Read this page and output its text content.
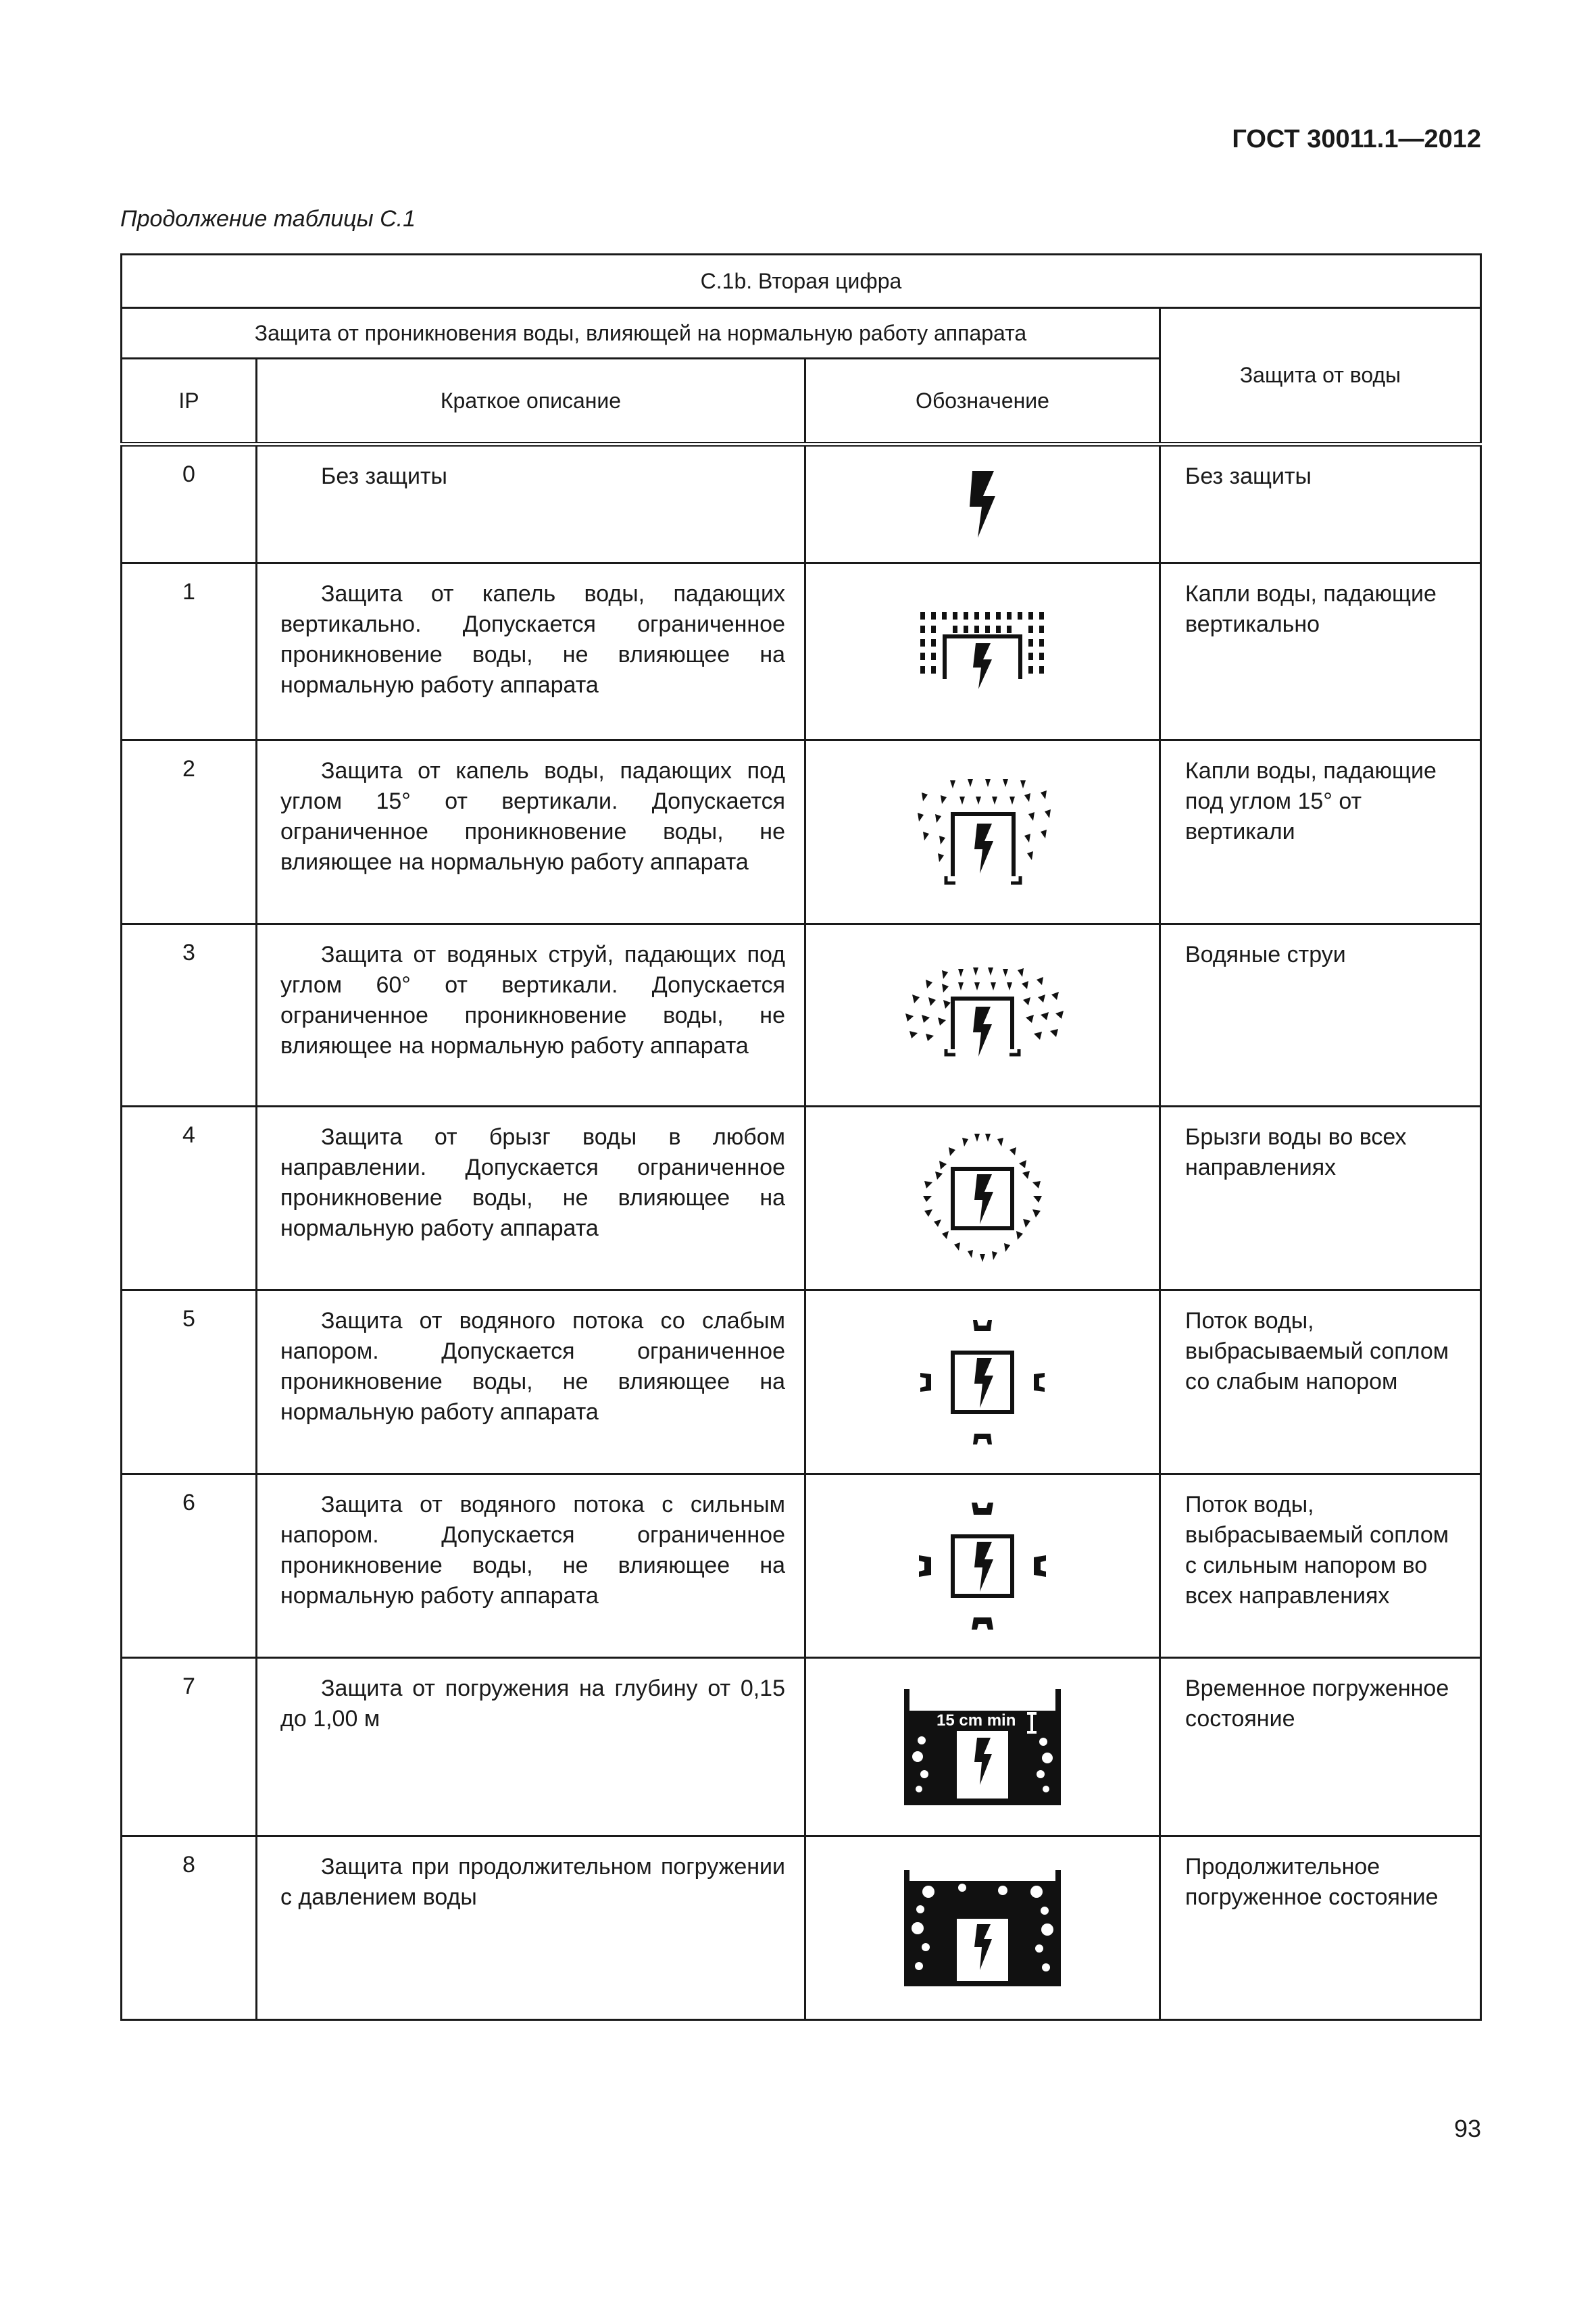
ГОСТ 30011.1—2012
Продолжение таблицы С.1
С.1b. Вторая цифра			
Защита от проникновения воды, влияющей на нормальную работу аппарата			Защита от воды
IP	Краткое описание	Обозначение	
0	Без защиты		Без защиты
1	Защита от капель воды, падающих вертикально. Допускается ограниченное проникновение воды, не влияющее на нормальную работу аппарата		Капли воды, падающие вертикально
2	Защита от капель воды, падающих под углом 15° от вертикали. Допускается ограниченное проникновение воды, не влияющее на нормальную работу аппарата		Капли воды, падающие под углом 15° от вертикали
3	Защита от водяных струй, падающих под углом 60° от вертикали. Допускается ограниченное проникновение воды, не влияющее на нормальную работу аппарата		Водяные струи
4	Защита от брызг воды в любом направлении. Допускается ограниченное проникновение воды, не влияющее на нормальную работу аппарата		Брызги воды во всех направлениях
5	Защита от водяного потока со слабым напором. Допускается ограниченное проникновение воды, не влияющее на нормальную работу аппарата		Поток воды, выбрасываемый соплом со слабым напором
6	Защита от водяного потока с сильным напором. Допускается ограниченное проникновение воды, не влияющее на нормальную работу аппарата		Поток воды, выбрасываемый соплом с сильным напором во всех направлениях
7	Защита от погружения на глубину от 0,15 до 1,00 м	15 cm min	Временное погруженное состояние
8	Защита при продолжительном погружении с давлением воды		Продолжительное погруженное состояние
93
